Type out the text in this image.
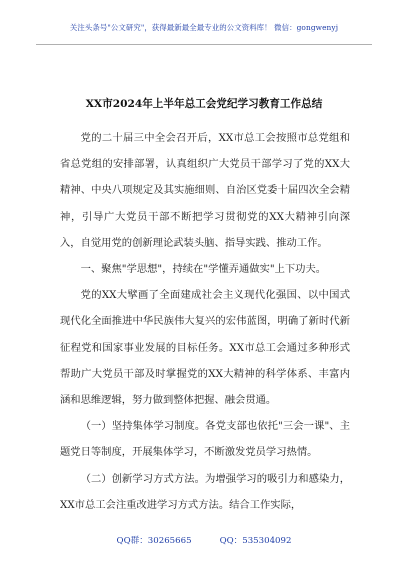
关注头条号"公文研究"，获得最新最全最专业的公文资料库！ 微信：gongwenyj
XX市2024年上半年总工会党纪学习教育工作总结

党的二十届三中全会召开后，XX市总工会按照市总党组和省总党组的安排部署，认真组织广大党员干部学习了党的XX大精神、中央八项规定及其实施细则、自治区党委十届四次全会精神，引导广大党员干部不断把学习贯彻党的XX大精神引向深入，自觉用党的创新理论武装头脑、指导实践、推动工作。

一、聚焦"学思想"，持续在"学懂弄通做实"上下功夫。

党的XX大擘画了全面建成社会主义现代化强国、以中国式现代化全面推进中华民族伟大复兴的宏伟蓝图，明确了新时代新征程党和国家事业发展的目标任务。XX市总工会通过多种形式帮助广大党员干部及时掌握党的XX大精神的科学体系、丰富内涵和思维逻辑，努力做到整体把握、融会贯通。

（一）坚持集体学习制度。各党支部也依托"三会一课"、主题党日等制度，开展集体学习，不断激发党员学习热情。

（二）创新学习方式方法。为增强学习的吸引力和感染力，XX市总工会注重改进学习方式方法。结合工作实际，

QQ群：30265665	QQ：535304092
